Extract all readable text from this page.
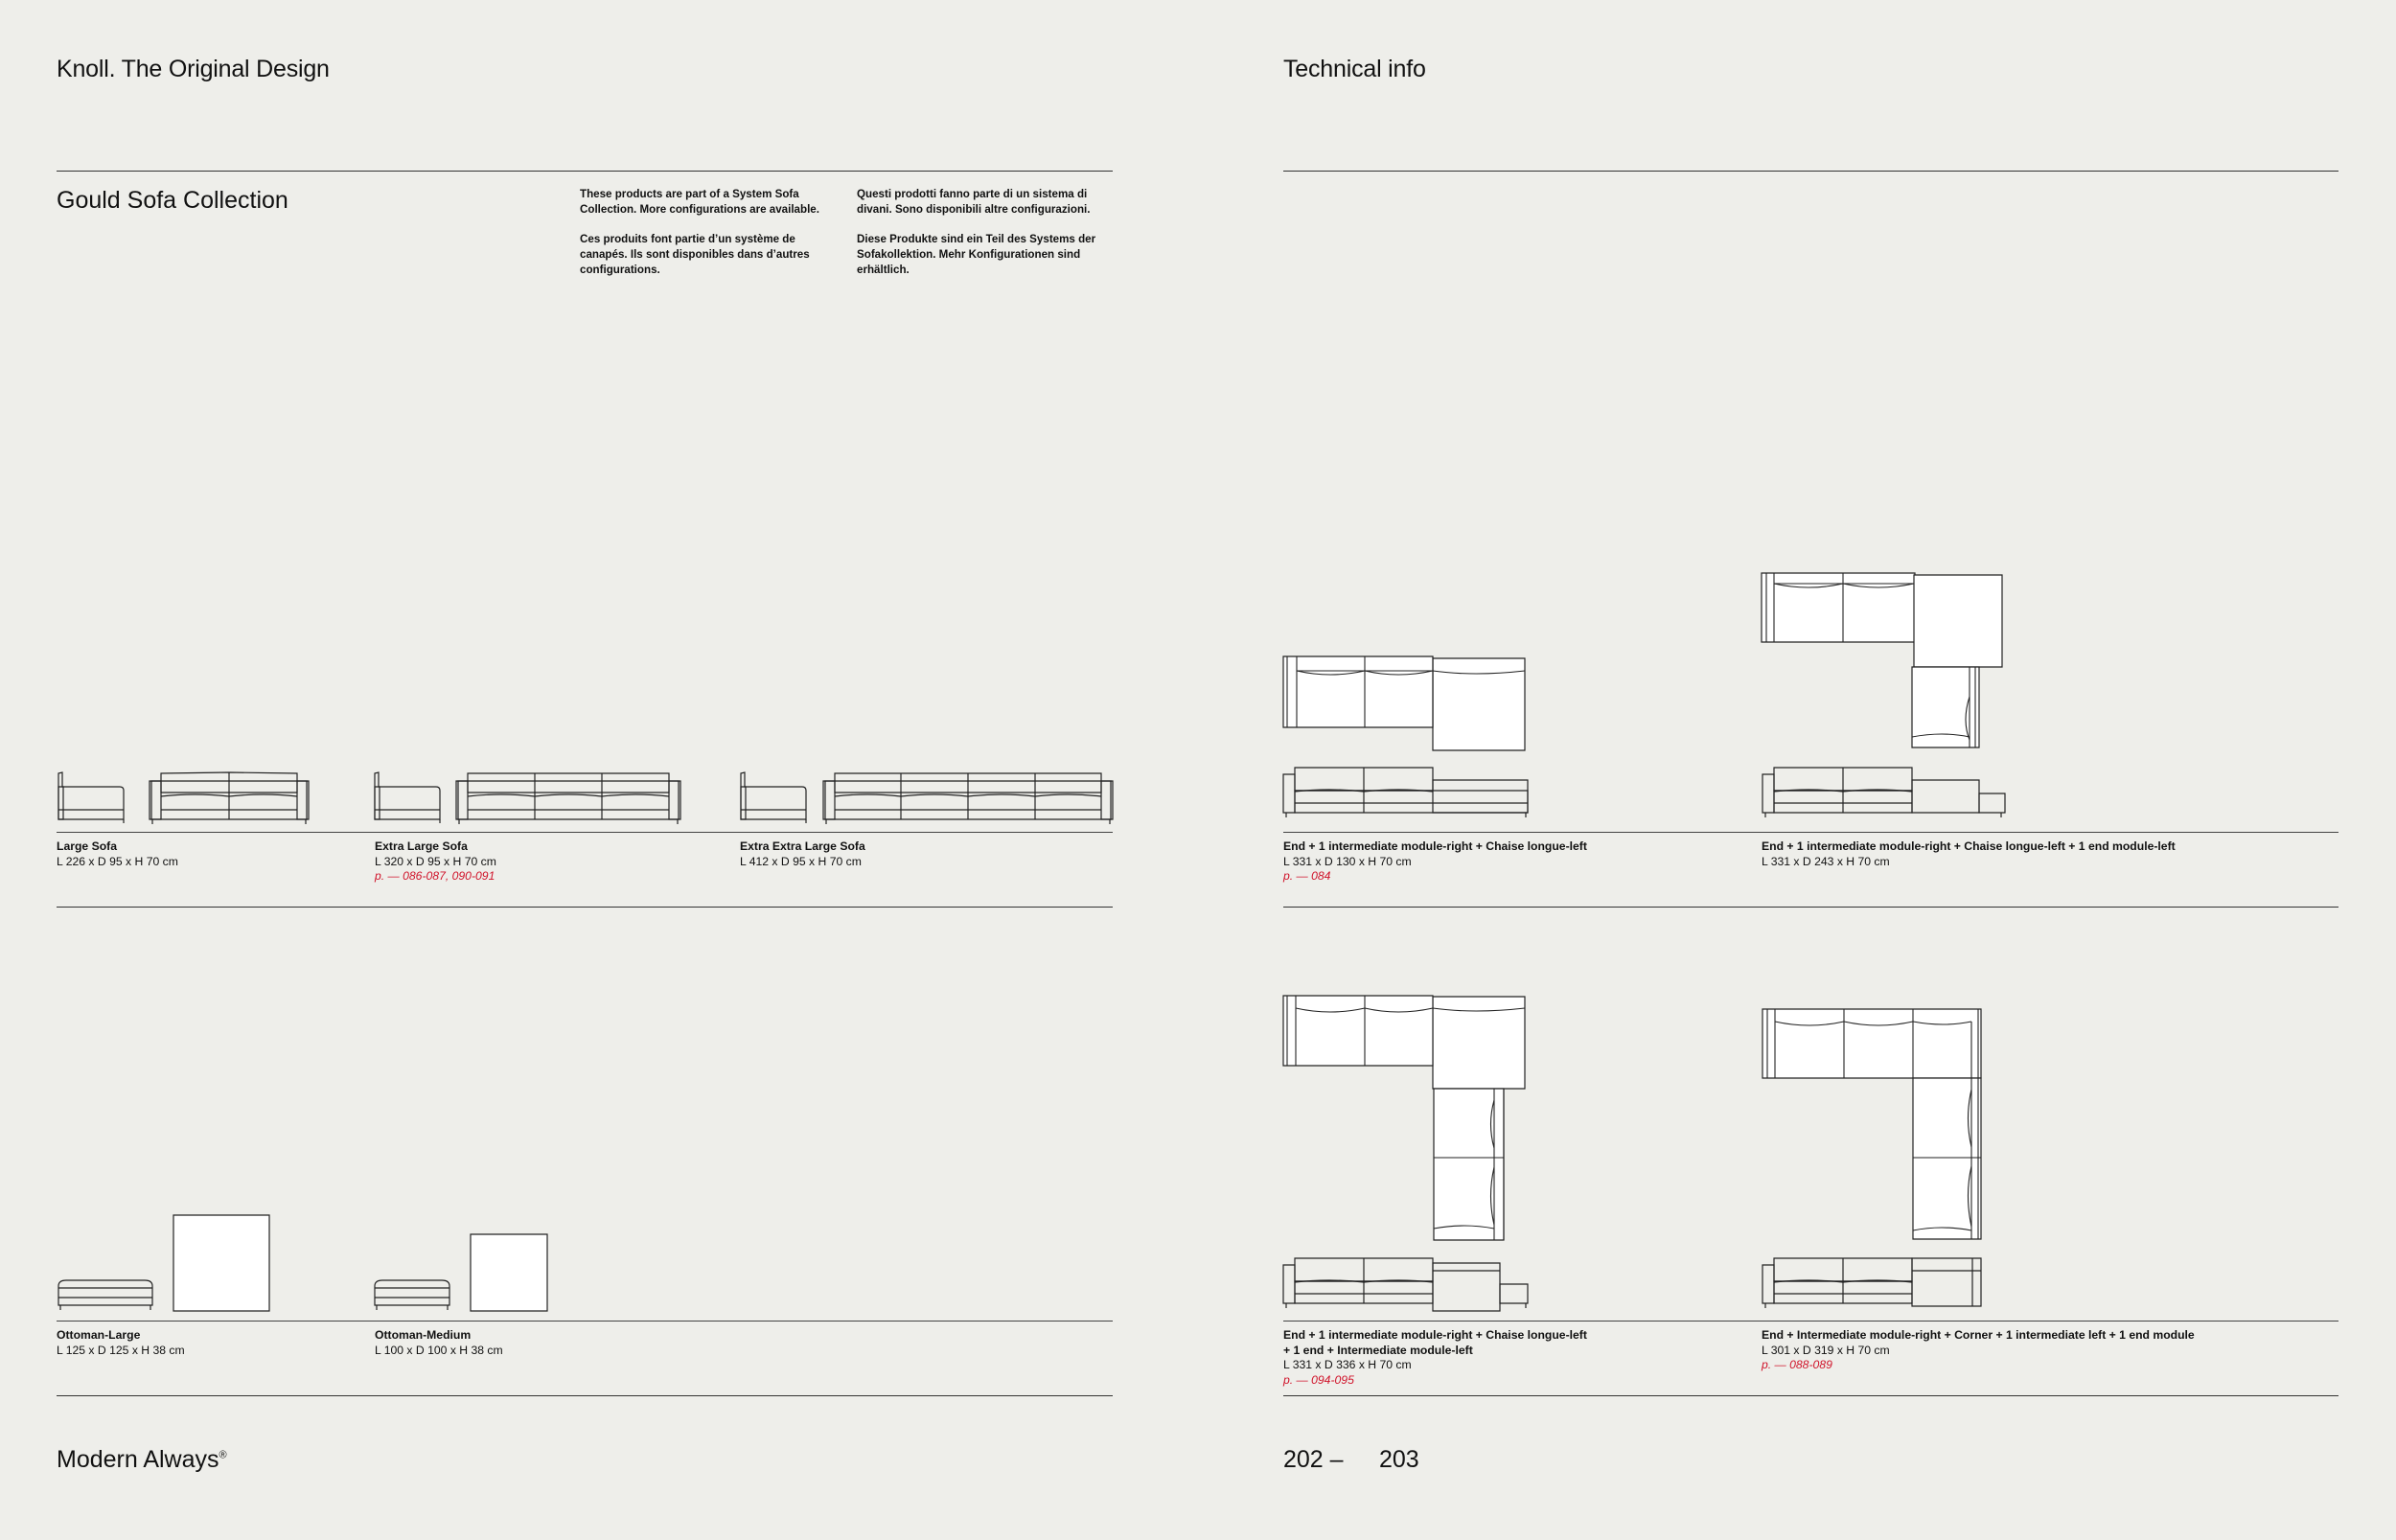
Knoll. The Original Design
Gould Sofa Collection	These products are part of a System Sofa Collection. More configurations are available.

Ces produits font partie d’un système de canapés. Ils sont disponibles dans d’autres configurations.

Questi prodotti fanno parte di un sistema di divani. Sono disponibili altre configurazioni.

Diese Produkte sind ein Teil des Systems der Sofakollektion. Mehr Konfigurationen sind erhältlich.

Large Sofa
L 226 x D 95 x H 70 cm
Extra Large Sofa
L 320 x D 95 x H 70 cm
p. — 086-087, 090-091
Extra Extra Large Sofa
L 412 x D 95 x H 70 cm
Ottoman-Large
L 125 x D 125 x H 38 cm
Ottoman-Medium
L 100 x D 100 x H 38 cm
Modern Always®
Technical info
End + 1 intermediate module-right + Chaise longue-left
L 331 x D 130 x H 70 cm
p. — 084
End + 1 intermediate module-right + Chaise longue-left + 1 end module-left
L 331 x D 243 x H 70 cm
End + 1 intermediate module-right + Chaise longue-left
+ 1 end + Intermediate module-left
L 331 x D 336 x H 70 cm
p. — 094-095
End + Intermediate module-right + Corner + 1 intermediate left + 1 end module
L 301 x D 319 x H 70 cm
p. — 088-089
202 – 203
